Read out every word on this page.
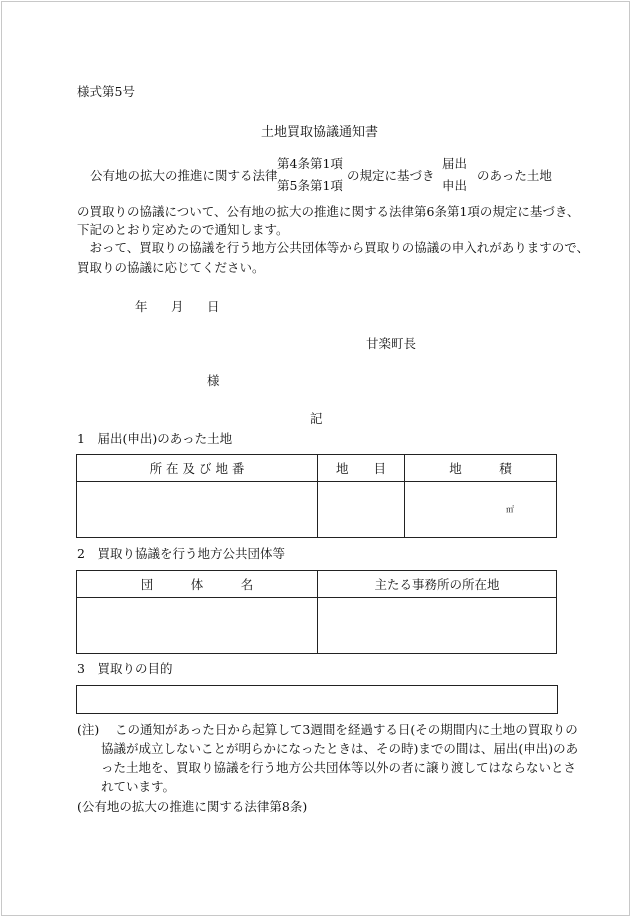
様式第5号
土地買取協議通知書
公有地の拡大の推進に関する法律
第4条第1項
第5条第1項
の規定に基づき
届出
申出
のあった土地
の買取りの協議について、公有地の拡大の推進に関する法律第6条第1項の規定に基づき、
下記のとおり定めたので通知します。
　おって、買取りの協議を行う地方公共団体等から買取りの協議の申入れがありますので、
買取りの協議に応じてください。
年 月 日
甘楽町長
様
記
1　届出(申出)のあった土地
所 在 及 び 地 番	地　　目	地　　　積

		㎡
2　買取り協議を行う地方公共団体等
団　　　体　　　名	主たる事務所の所在地

3　買取りの目的
(注) この通知があった日から起算して3週間を経過する日(その期間内に土地の買取りの
協議が成立しないことが明らかになったときは、その時)までの間は、届出(申出)のあ
った土地を、買取り協議を行う地方公共団体等以外の者に譲り渡してはならないとさ
れています。
(公有地の拡大の推進に関する法律第8条)
